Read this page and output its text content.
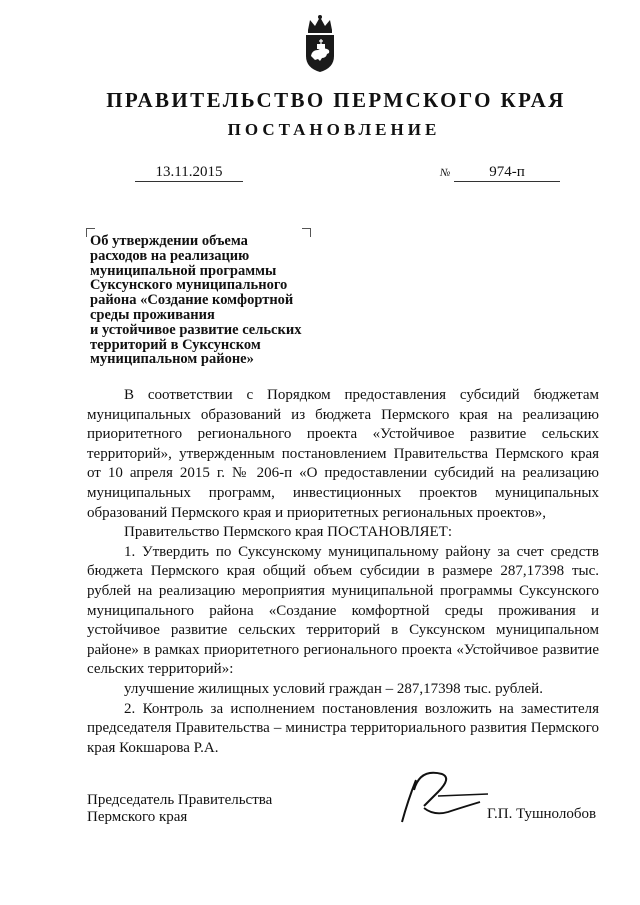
ПРАВИТЕЛЬСТВО ПЕРМСКОГО КРАЯ
ПОСТАНОВЛЕНИЕ
13.11.2015	№	974-п
Об утверждении объема
расходов на реализацию
муниципальной программы
Суксунского муниципального
района «Создание комфортной
среды проживания
и устойчивое развитие сельских
территорий в Суксунском
муниципальном районе»

В соответствии с Порядком предоставления субсидий бюджетам муниципальных образований из бюджета Пермского края на реализацию приоритетного регионального проекта «Устойчивое развитие сельских территорий», утвержденным постановлением Правительства Пермского края от 10 апреля 2015 г. № 206-п «О предоставлении субсидий на реализацию муниципальных программ, инвестиционных проектов муниципальных образований Пермского края и приоритетных региональных проектов»,

Правительство Пермского края ПОСТАНОВЛЯЕТ:

1. Утвердить по Суксунскому муниципальному району за счет средств бюджета Пермского края общий объем субсидии в размере 287,17398 тыс. рублей на реализацию мероприятия муниципальной программы Суксунского муниципального района «Создание комфортной среды проживания и устойчивое развитие сельских территорий в Суксунском муниципальном районе» в рамках приоритетного регионального проекта «Устойчивое развитие сельских территорий»:

улучшение жилищных условий граждан – 287,17398 тыс. рублей.

2. Контроль за исполнением постановления возложить на заместителя председателя Правительства – министра территориального развития Пермского края Кокшарова Р.А.

Председатель Правительства
Пермского края	Г.П. Тушнолобов
